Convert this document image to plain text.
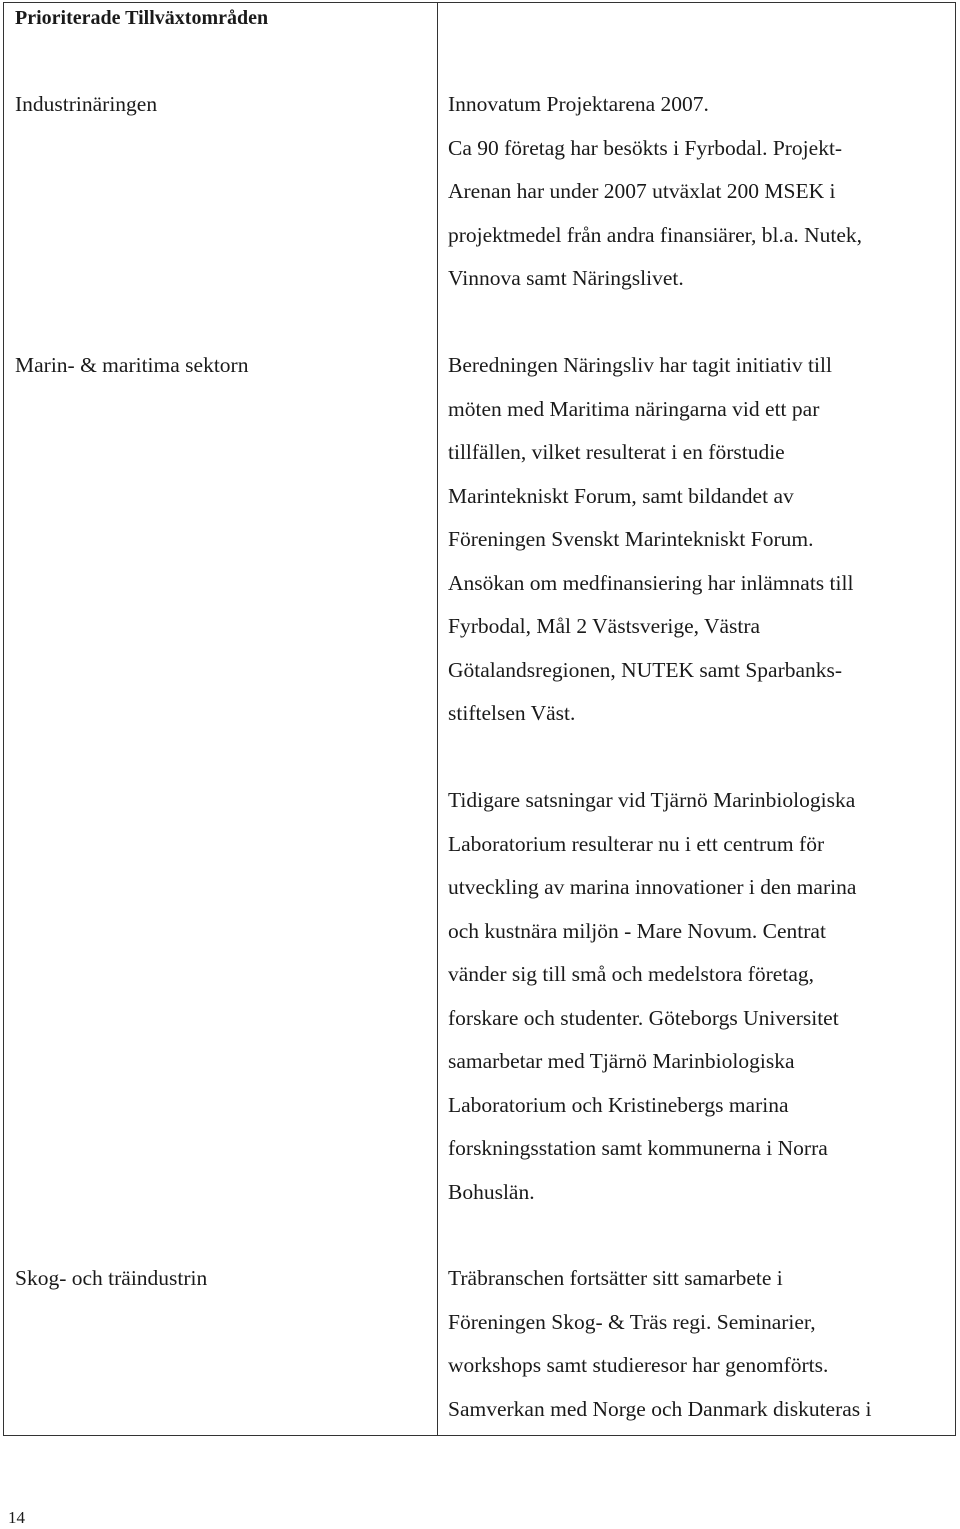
Prioriterade Tillväxtområden
Industrinäringen	Innovatum Projektarena 2007.
Ca 90 företag har besökts i Fyrbodal. Projekt-
Arenan har under 2007 utväxlat 200 MSEK i
projektmedel från andra finansiärer, bl.a. Nutek,
Vinnova samt Näringslivet.
Marin- & maritima sektorn	Beredningen Näringsliv har tagit initiativ till
möten med Maritima näringarna vid ett par
tillfällen, vilket resulterat i en förstudie
Marintekniskt Forum, samt bildandet av
Föreningen Svenskt Marintekniskt Forum.
Ansökan om medfinansiering har inlämnats till
Fyrbodal, Mål 2 Västsverige, Västra
Götalandsregionen, NUTEK samt Sparbanks-
stiftelsen Väst.
Tidigare satsningar vid Tjärnö Marinbiologiska
Laboratorium resulterar nu i ett centrum för
utveckling av marina innovationer i den marina
och kustnära miljön - Mare Novum. Centrat
vänder sig till små och medelstora företag,
forskare och studenter. Göteborgs Universitet
samarbetar med Tjärnö Marinbiologiska
Laboratorium och Kristinebergs marina
forskningsstation samt kommunerna i Norra
Bohuslän.
Skog- och träindustrin	Träbranschen fortsätter sitt samarbete i
Föreningen Skog- & Träs regi. Seminarier,
workshops samt studieresor har genomförts.
Samverkan med Norge och Danmark diskuteras i
14
